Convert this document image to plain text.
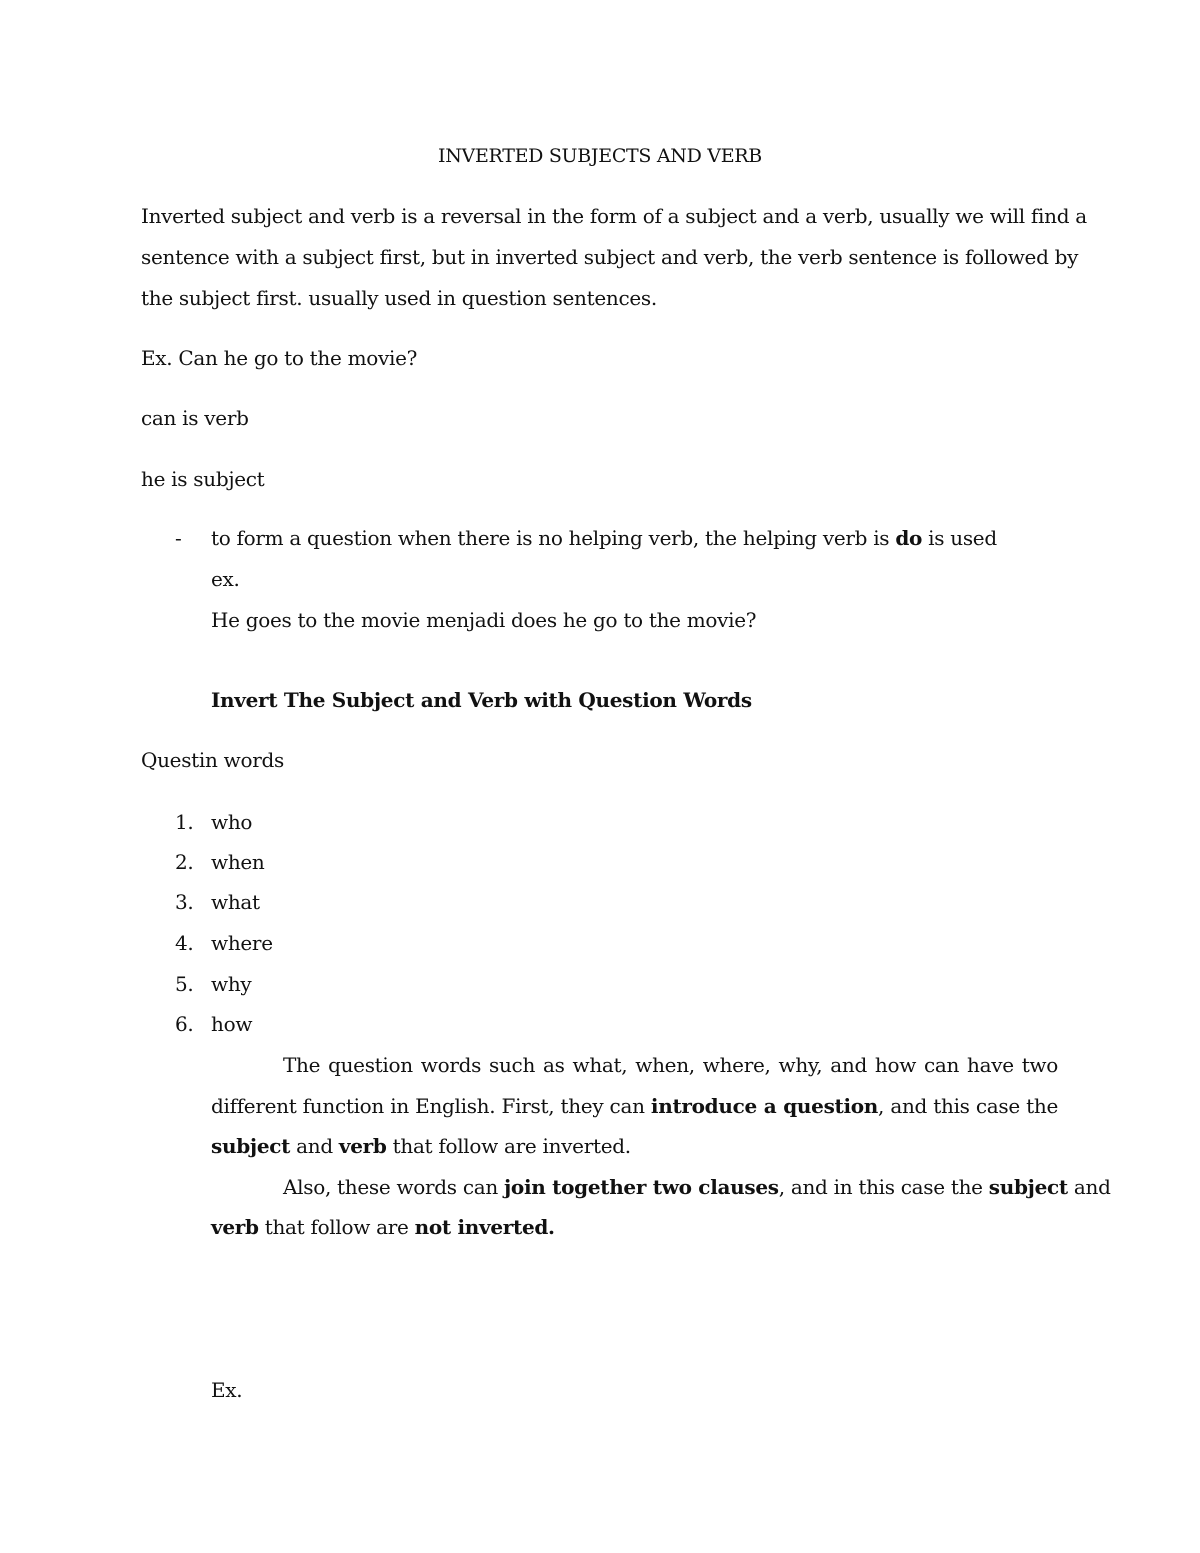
INVERTED SUBJECTS AND VERB
Inverted subject and verb is a reversal in the form of a subject and a verb, usually we will find a
sentence with a subject first, but in inverted subject and verb, the verb sentence is followed by
the subject first. usually used in question sentences.
Ex. Can he go to the movie?
can is verb
he is subject
- to form a question when there is no helping verb, the helping verb is do is used
ex.
He goes to the movie menjadi does he go to the movie?
Invert The Subject and Verb with Question Words
Questin words
1. who
2. when
3. what
4. where
5. why
6. how
The question words such as what, when, where, why, and how can have two
different function in English. First, they can introduce a question, and this case the
subject and verb that follow are inverted.
Also, these words can join together two clauses, and in this case the subject and
verb that follow are not inverted.
Ex.
